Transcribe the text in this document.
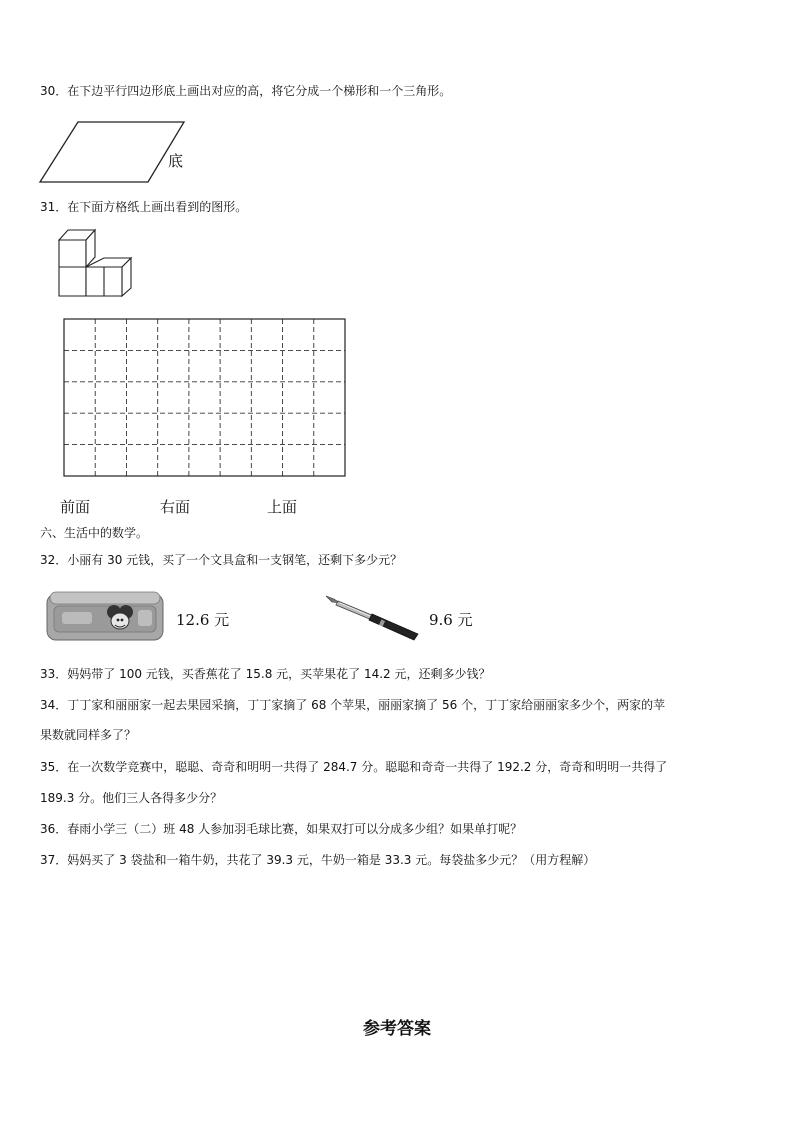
30．在下边平行四边形底上画出对应的高，将它分成一个梯形和一个三角形。
底
31．在下面方格纸上画出看到的图形。
前面	右面	上面
六、生活中的数学。
32．小丽有 30 元钱，买了一个文具盒和一支钢笔，还剩下多少元？
12.6 元	9.6 元
33．妈妈带了 100 元钱，买香蕉花了 15.8 元，买苹果花了 14.2 元，还剩多少钱？
34．丁丁家和丽丽家一起去果园采摘，丁丁家摘了 68 个苹果，丽丽家摘了 56 个，丁丁家给丽丽家多少个，两家的苹
果数就同样多了？
35．在一次数学竞赛中，聪聪、奇奇和明明一共得了 284.7 分。聪聪和奇奇一共得了 192.2 分，奇奇和明明一共得了
189.3 分。他们三人各得多少分？
36．春雨小学三（二）班 48 人参加羽毛球比赛，如果双打可以分成多少组？如果单打呢？
37．妈妈买了 3 袋盐和一箱牛奶，共花了 39.3 元，牛奶一箱是 33.3 元。每袋盐多少元？（用方程解）
参考答案
